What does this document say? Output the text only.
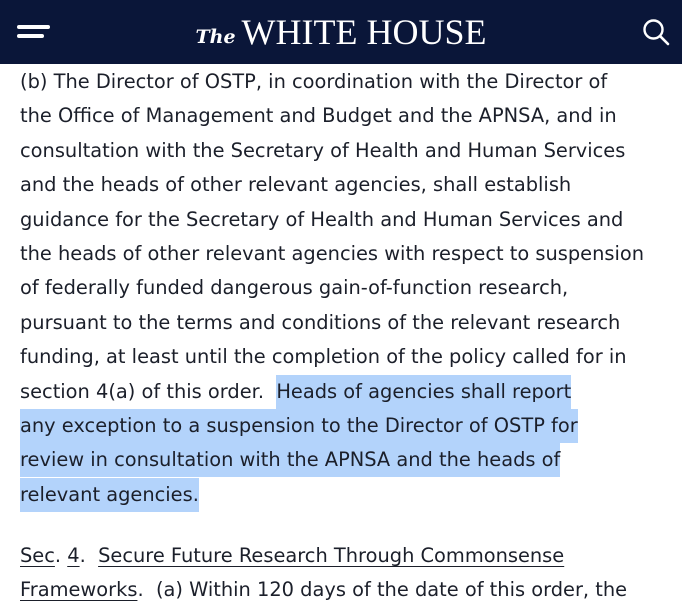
The WHITE HOUSE
(b) The Director of OSTP, in coordination with the Director of
the Office of Management and Budget and the APNSA, and in
consultation with the Secretary of Health and Human Services
and the heads of other relevant agencies, shall establish
guidance for the Secretary of Health and Human Services and
the heads of other relevant agencies with respect to suspension
of federally funded dangerous gain-of-function research,
pursuant to the terms and conditions of the relevant research
funding, at least until the completion of the policy called for in
section 4(a) of this order. Heads of agencies shall report
any exception to a suspension to the Director of OSTP for
review in consultation with the APNSA and the heads of
relevant agencies.
Sec. 4.  Secure Future Research Through Commonsense
Frameworks.  (a) Within 120 days of the date of this order, the
